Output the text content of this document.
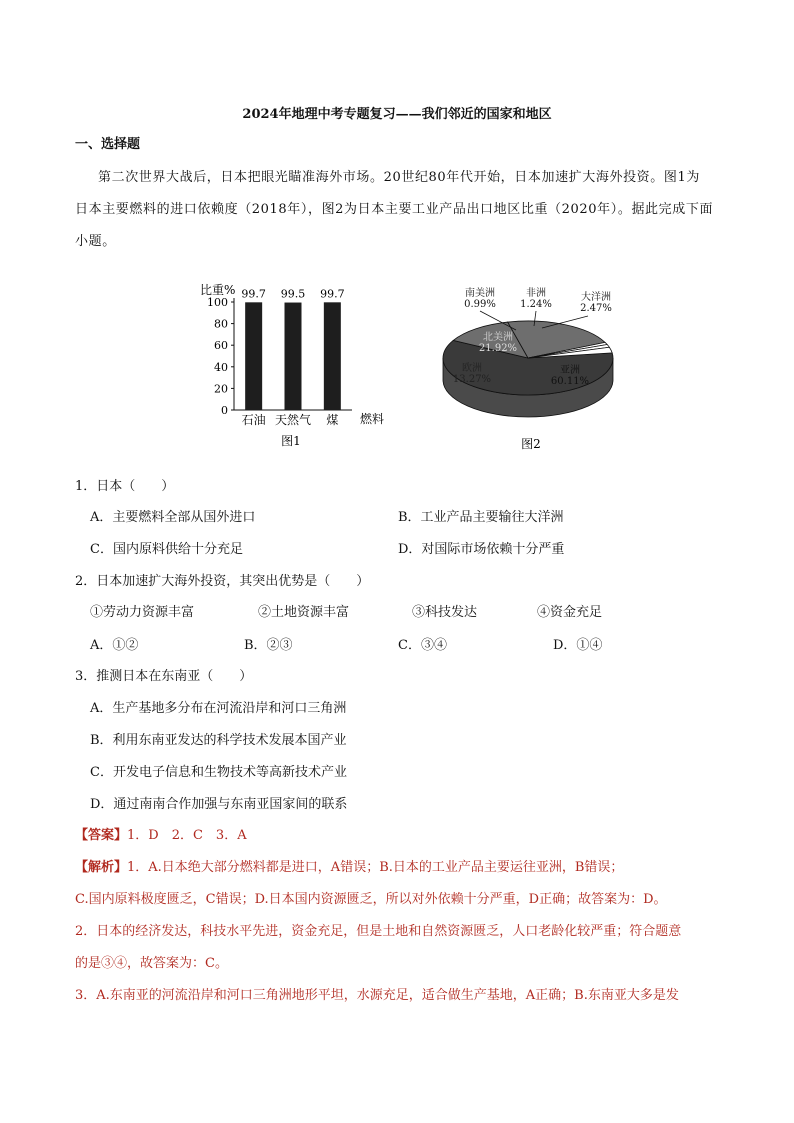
2024年地理中考专题复习——我们邻近的国家和地区
一、选择题
第二次世界大战后，日本把眼光瞄准海外市场。20世纪80年代开始，日本加速扩大海外投资。图1为
日本主要燃料的进口依赖度（2018年），图2为日本主要工业产品出口地区比重（2020年）。据此完成下面
小题。
比重%
0
20
40
60
80
100
99.7
石油
99.5
天然气
99.7
煤 燃料
图1
亚洲
60.11%
欧洲
13.27%
北美洲
21.92%
南美洲
0.99%
非洲
1.24%
大洋洲
2.47%
图2
1．日本（　　）
A．主要燃料全部从国外进口	B．工业产品主要输往大洋洲
C．国内原料供给十分充足	D．对国际市场依赖十分严重
2．日本加速扩大海外投资，其突出优势是（　　）
①劳动力资源丰富	②土地资源丰富	③科技发达	④资金充足
A．①②	B．②③	C．③④	D．①④
3．推测日本在东南亚（　　）
A．生产基地多分布在河流沿岸和河口三角洲
B．利用东南亚发达的科学技术发展本国产业
C．开发电子信息和生物技术等高新技术产业
D．通过南南合作加强与东南亚国家间的联系
【答案】1．D　2．C　3．A
【解析】1．A.日本绝大部分燃料都是进口，A错误；B.日本的工业产品主要运往亚洲，B错误；
C.国内原料极度匮乏，C错误；D.日本国内资源匮乏，所以对外依赖十分严重，D正确；故答案为：D。
2．日本的经济发达，科技水平先进，资金充足，但是土地和自然资源匮乏，人口老龄化较严重；符合题意
的是③④，故答案为：C。
3．A.东南亚的河流沿岸和河口三角洲地形平坦，水源充足，适合做生产基地，A正确；B.东南亚大多是发
